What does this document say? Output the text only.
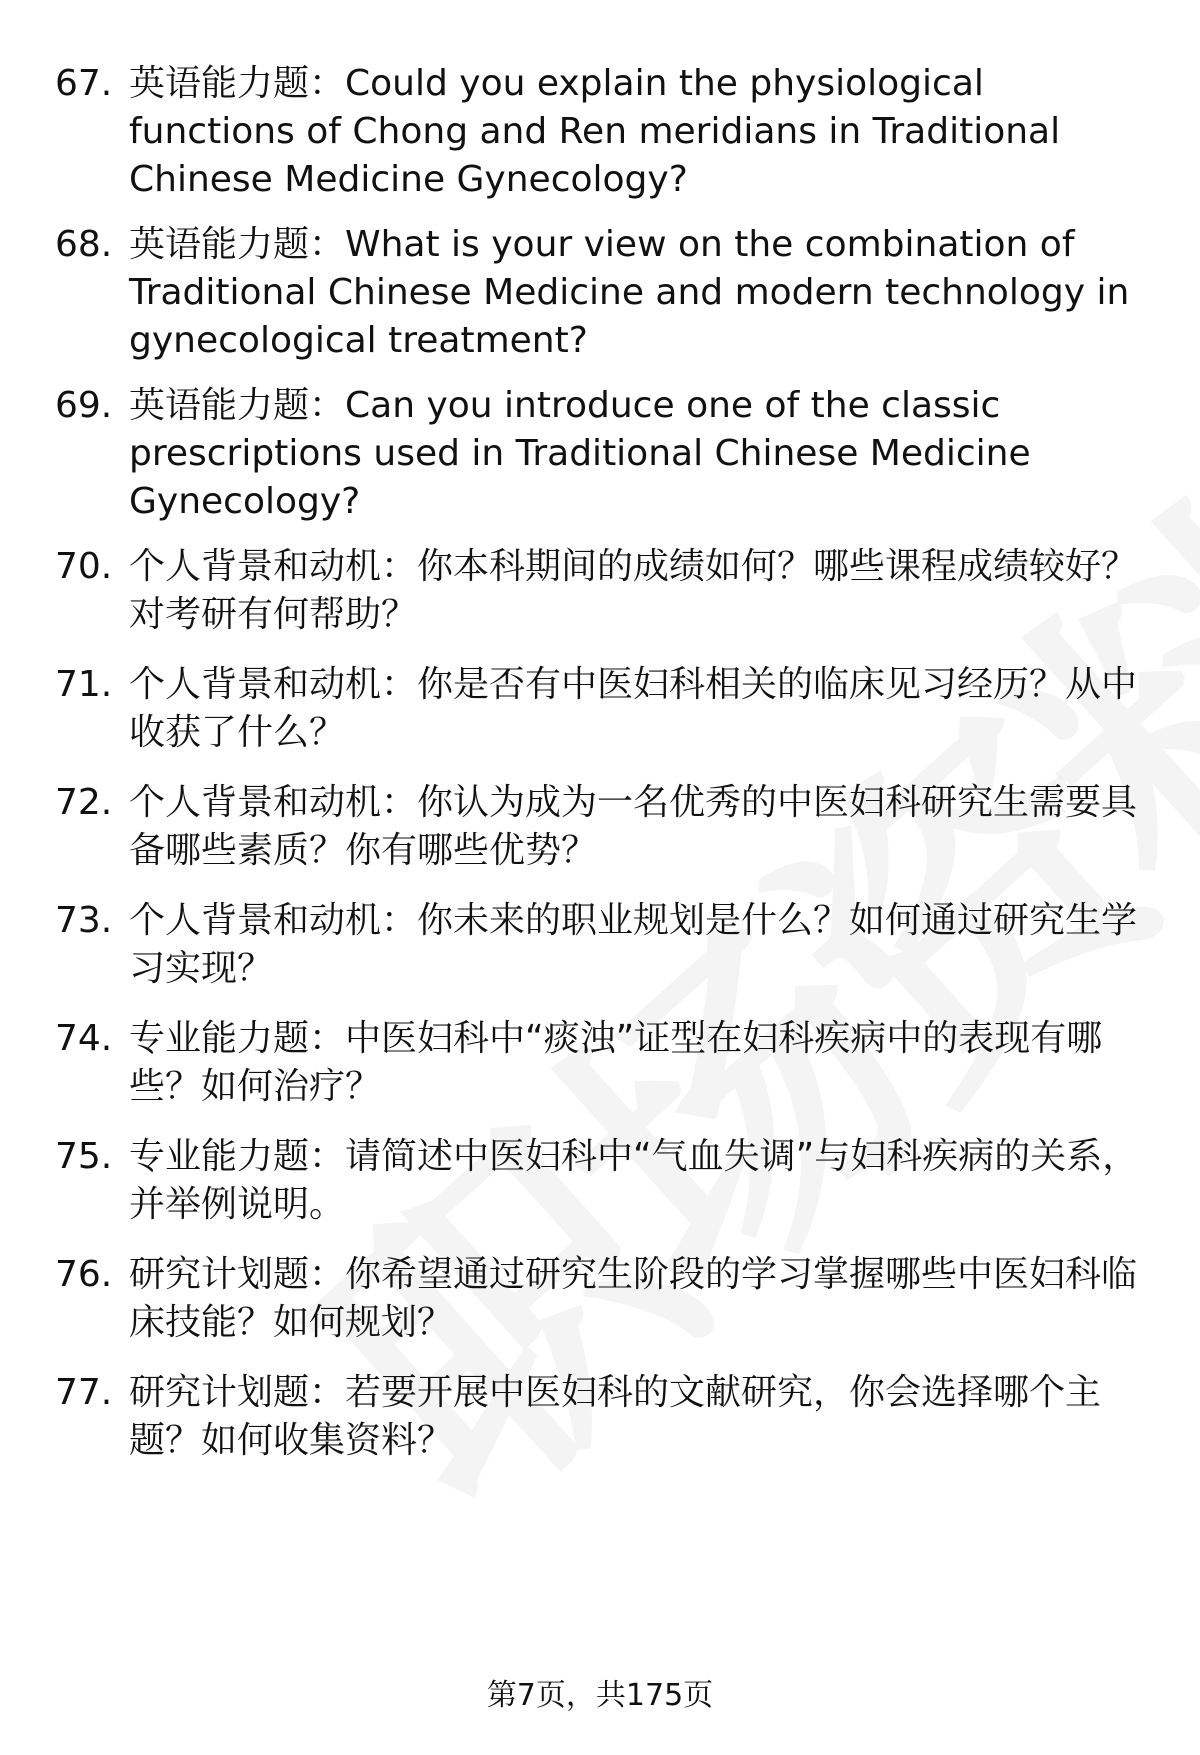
67. 英语能力题：Could you explain the physiological functions of Chong and Ren meridians in Traditional Chinese Medicine Gynecology?
68. 英语能力题：What is your view on the combination of Traditional Chinese Medicine and modern technology in gynecological treatment?
69. 英语能力题：Can you introduce one of the classic prescriptions used in Traditional Chinese Medicine Gynecology?
70. 个人背景和动机：你本科期间的成绩如何？哪些课程成绩较好？对考研有何帮助？
71. 个人背景和动机：你是否有中医妇科相关的临床见习经历？从中收获了什么？
72. 个人背景和动机：你认为成为一名优秀的中医妇科研究生需要具备哪些素质？你有哪些优势？
73. 个人背景和动机：你未来的职业规划是什么？如何通过研究生学习实现？
74. 专业能力题：中医妇科中“痰浊”证型在妇科疾病中的表现有哪些？如何治疗？
75. 专业能力题：请简述中医妇科中“气血失调”与妇科疾病的关系，并举例说明。
76. 研究计划题：你希望通过研究生阶段的学习掌握哪些中医妇科临床技能？如何规划？
77. 研究计划题：若要开展中医妇科的文献研究，你会选择哪个主题？如何收集资料？
第7页，共175页
